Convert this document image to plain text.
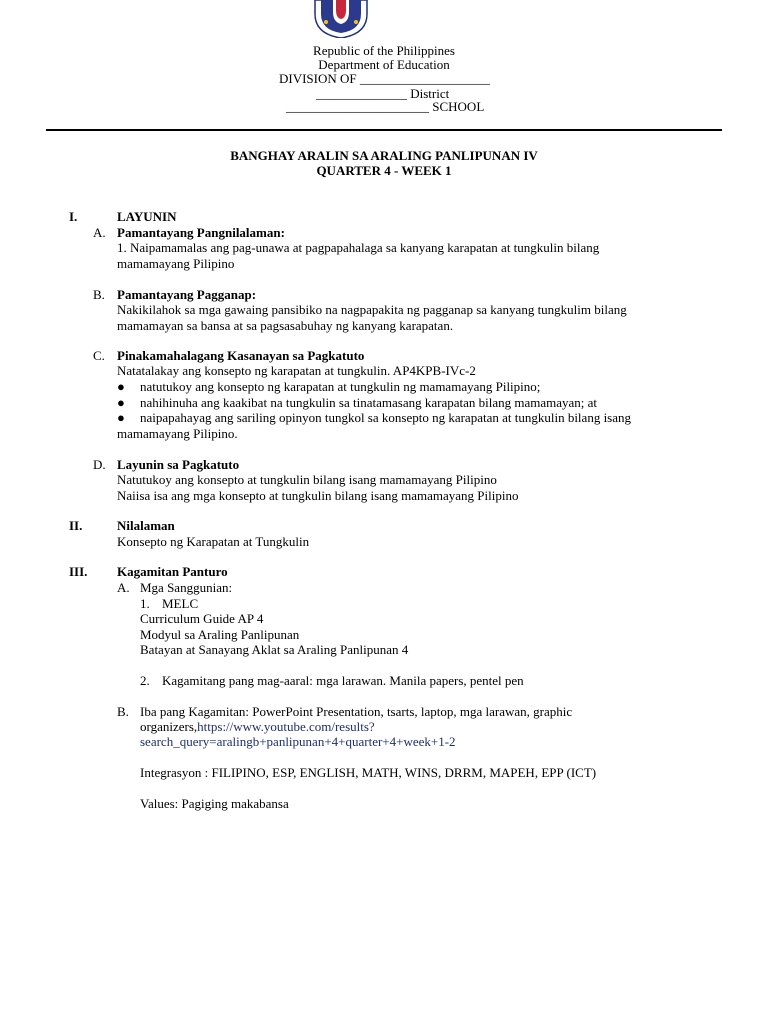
Republic of the Philippines
Department of Education
DIVISION OF ____________________
______________ District
______________________ SCHOOL
BANGHAY ARALIN SA ARALING PANLIPUNAN IV
QUARTER 4 - WEEK 1
I.	LAYUNIN
A. Pamantayang Pangnilalaman:
1. Naipamamalas ang pag-unawa at pagpapahalaga sa kanyang karapatan at tungkulin bilang
mamamayang Pilipino
B. Pamantayang Pagganap:
Nakikilahok sa mga gawaing pansibiko na nagpapakita ng pagganap sa kanyang tungkulim bilang
mamamayan sa bansa at sa pagsasabuhay ng kanyang karapatan.
C. Pinakamahalagang Kasanayan sa Pagkatuto
Natatalakay ang konsepto ng karapatan at tungkulin. AP4KPB-IVc-2
● natutukoy ang konsepto ng karapatan at tungkulin ng mamamayang Pilipino;
● nahihinuha ang kaakibat na tungkulin sa tinatamasang karapatan bilang mamamayan; at
● naipapahayag ang sariling opinyon tungkol sa konsepto ng karapatan at tungkulin bilang isang
mamamayang Pilipino.
D. Layunin sa Pagkatuto
Natutukoy ang konsepto at tungkulin bilang isang mamamayang Pilipino
Naiisa isa ang mga konsepto at tungkulin bilang isang mamamayang Pilipino
II.	Nilalaman
Konsepto ng Karapatan at Tungkulin
III. Kagamitan Panturo
A. Mga Sanggunian:
1. MELC
Curriculum Guide AP 4
Modyul sa Araling Panlipunan
Batayan at Sanayang Aklat sa Araling Panlipunan 4
2. Kagamitang pang mag-aaral: mga larawan. Manila papers, pentel pen
B. Iba pang Kagamitan: PowerPoint Presentation, tsarts, laptop, mga larawan, graphic
organizers,https://www.youtube.com/results?
search_query=aralingb+panlipunan+4+quarter+4+week+1-2
Integrasyon : FILIPINO, ESP, ENGLISH, MATH, WINS, DRRM, MAPEH, EPP (ICT)
Values: Pagiging makabansa
